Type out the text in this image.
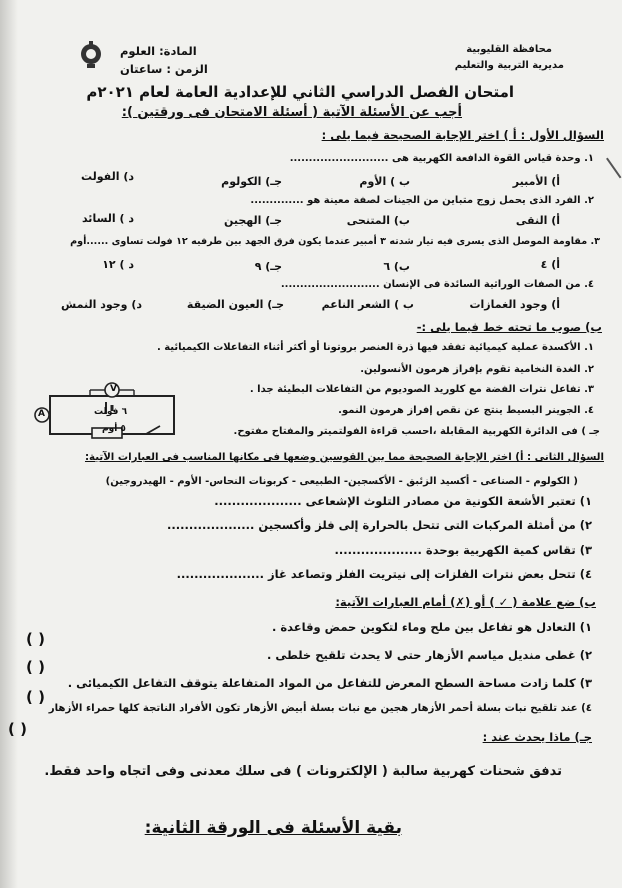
محافظة القليوبية
مديرية التربية والتعليم
المادة: العلوم
الزمن : ساعتان
امتحان الفصل الدراسي الثاني للإعدادية العامة لعام ٢٠٢١م
أجب عن الأسئلة الآتية ( أسئلة الامتحان فى ورقتين ):
السؤال الأول : أ ) اختر الإجابة الصحيحة فيما يلى :
١. وحدة قياس القوة الدافعة الكهربية هى ..........................
أ) الأمبير
ب ) الأوم
جـ) الكولوم
د) الفولت
٢. الفرد الذى يحمل زوج متباين من الجينات لصفة معينة هو ..............
أ) النقى
ب) المتنحى
جـ) الهجين
د ) السائد
٣. مقاومة الموصل الذى يسرى فيه تيار شدته ٣ أمبير عندما يكون فرق الجهد بين طرفيه ١٢ فولت تساوى ......أوم
أ) ٤
ب) ٦
جـ) ٩
د ) ١٢
٤. من الصفات الوراثية السائدة فى الإنسان ..........................
أ) وجود الغمازات
ب ) الشعر الناعم
جـ) العيون الضيقة
د) وجود النمش
ب) صوب ما تحته خط فيما يلى :-
١. الأكسدة عملية كيميائية تفقد فيها ذرة العنصر بروتونا أو أكثر أثناء التفاعلات الكيميائية .
٢. الغدة النخامية تقوم بإفراز هرمون الأنسولين.
٣. تفاعل نترات الفضة مع كلوريد الصوديوم من التفاعلات البطيئة جدا .
٤. الجوينر البسيط ينتج عن نقص إفراز هرمون النمو.
جـ ) فى الدائرة الكهربية المقابلة ،احسب قراءة الفولتميتر والمفتاح مفتوح.
V
A	٦ فولت
٥ أوم
السؤال الثانى : أ) اختر الإجابة الصحيحة مما بين القوسين وضعها فى مكانها المناسب فى العبارات الآتية:
( الكولوم - الصناعى - أكسيد الزئبق - الأكسجين- الطبيعى - كربونات النحاس- الأوم - الهيدروجين)
١) تعتبر الأشعة الكونية من مصادر التلوث الإشعاعى ....................
٢) من أمثلة المركبات التى تتحل بالحرارة إلى فلز وأكسجين ....................
٣) تقاس كمية الكهربية بوحدة ....................
٤) تتحل بعض نترات الفلزات إلى نيتريت الفلز وتصاعد غاز ....................
ب) ضع علامة ( ✓ ) أو (✗) أمام العبارات الآتية:
١) التعادل هو تفاعل بين ملح وماء لتكوين حمض وقاعدة .
٢) غطى منديل مياسم الأزهار حتى لا يحدث تلقيح خلطى .
٣) كلما زادت مساحة السطح المعرض للتفاعل من المواد المتفاعلة يتوقف التفاعل الكيميائى .
٤) عند تلقيح نبات بسلة أحمر الأزهار هجين مع نبات بسلة أبيض الأزهار تكون الأفراد الناتجة كلها حمراء الأزهار
( )
( )
( )
( )	جـ) ماذا يحدث عند :
تدفق شحنات كهربية سالبة ( الإلكترونات ) فى سلك معدنى وفى اتجاه واحد فقط.
بقية الأسئلة فى الورقة الثانية:
